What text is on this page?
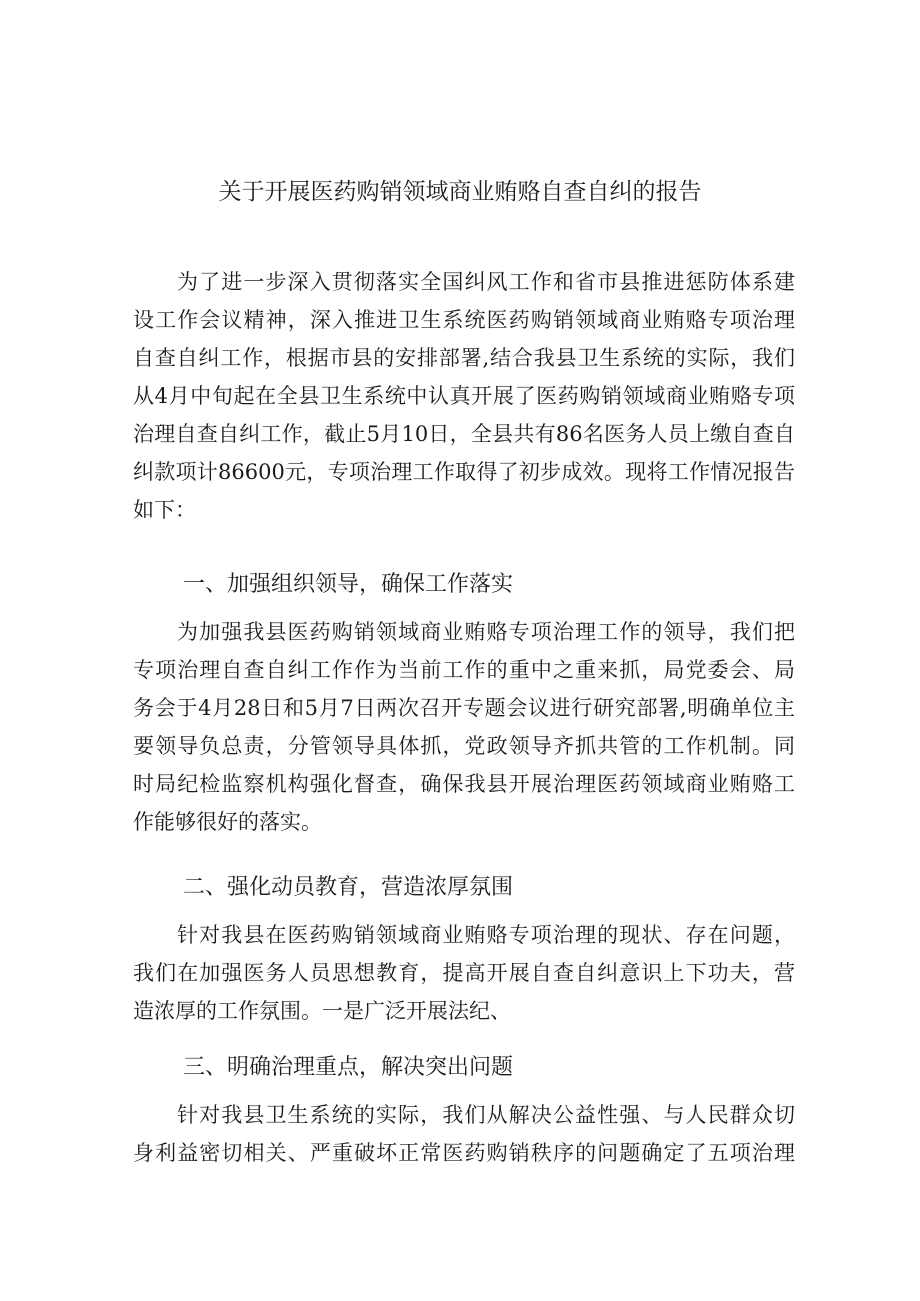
关于开展医药购销领域商业贿赂自查自纠的报告
为了进一步深入贯彻落实全国纠风工作和省市县推进惩防体系建
设工作会议精神，深入推进卫生系统医药购销领域商业贿赂专项治理
自查自纠工作，根据市县的安排部署,结合我县卫生系统的实际，我们
从4月中旬起在全县卫生系统中认真开展了医药购销领域商业贿赂专项
治理自查自纠工作，截止5月10日，全县共有86名医务人员上缴自查自
纠款项计86600元，专项治理工作取得了初步成效。现将工作情况报告
如下：
一、加强组织领导，确保工作落实
为加强我县医药购销领域商业贿赂专项治理工作的领导，我们把
专项治理自查自纠工作作为当前工作的重中之重来抓，局党委会、局
务会于4月28日和5月7日两次召开专题会议进行研究部署,明确单位主
要领导负总责，分管领导具体抓，党政领导齐抓共管的工作机制。同
时局纪检监察机构强化督查，确保我县开展治理医药领域商业贿赂工
作能够很好的落实。
二、强化动员教育，营造浓厚氛围
针对我县在医药购销领域商业贿赂专项治理的现状、存在问题，
我们在加强医务人员思想教育，提高开展自查自纠意识上下功夫，营
造浓厚的工作氛围。一是广泛开展法纪、
三、明确治理重点，解决突出问题
针对我县卫生系统的实际，我们从解决公益性强、与人民群众切
身利益密切相关、严重破坏正常医药购销秩序的问题确定了五项治理
